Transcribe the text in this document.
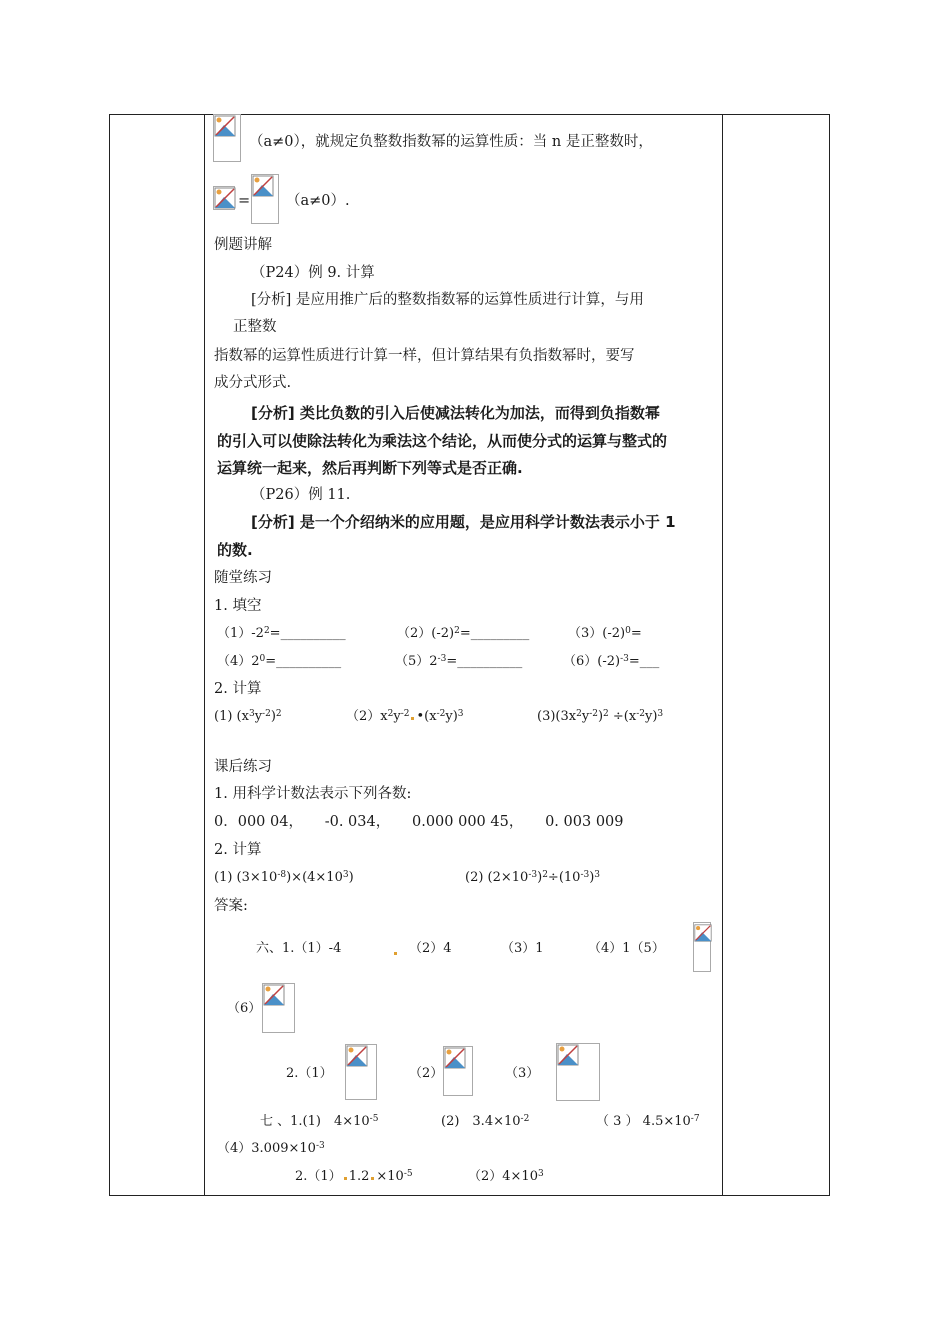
（a≠0），就规定负整数指数幂的运算性质：当 n 是正整数时，
= （a≠0）.
例题讲解
（P24）例 9. 计算
[分析] 是应用推广后的整数指数幂的运算性质进行计算，与用
正整数
指数幂的运算性质进行计算一样，但计算结果有负指数幂时，要写
成分式形式.
[分析] 类比负数的引入后使减法转化为加法，而得到负指数幂
的引入可以使除法转化为乘法这个结论，从而使分式的运算与整式的
运算统一起来，然后再判断下列等式是否正确.
（P26）例 11.
[分析] 是一个介绍纳米的应用题，是应用科学计数法表示小于 1
的数.
随堂练习
1. 填空
$(1)-2^2=\_\_\_\_\_\_\_\_\_\_$	$(2)(-2)^2=\_\_\_\_\_\_\_\_\_$	$(3)(-2)^0=$
$(4)2^0=\_\_\_\_\_\_\_\_\_\_$	$(5)2^{-3}=\_\_\_\_\_\_\_\_\_\_$	$(6)(-2)^{-3}=\_\_\_$
2. 计算
(1) $(x^3y^{-2})^2$	$(2)x^2y^{-2}$ $•(x^{-2}y)^3$	$(3)(3x^2y^{-2})^2 \div(x^{-2}y)^3$
课后练习
1. 用科学计数法表示下列各数:
0．000 04，　　-0. 034，　　0.000 000 45，　　0. 003 009
2. 计算
(1) $(3\times 10^{-8})\times(4\times 10^3)$	(2) $(2\times 10^{-3})^2\div(10^{-3})^3$
答案:
六、1.（1）-4	（2）4	（3）1	（4）1（5）
（6）
2.（1）	（2）	（3）
七 、1.(1)　$4\times 10^{-5}$	(2)　$3.4\times 10^{-2}$	（ 3 ） $4.5\times 10^{-7}$
$(4)3.009\times 10^{-3}$
2.（1） $1.2 \times 10^{-5}$	$(2)4\times 10^3$
